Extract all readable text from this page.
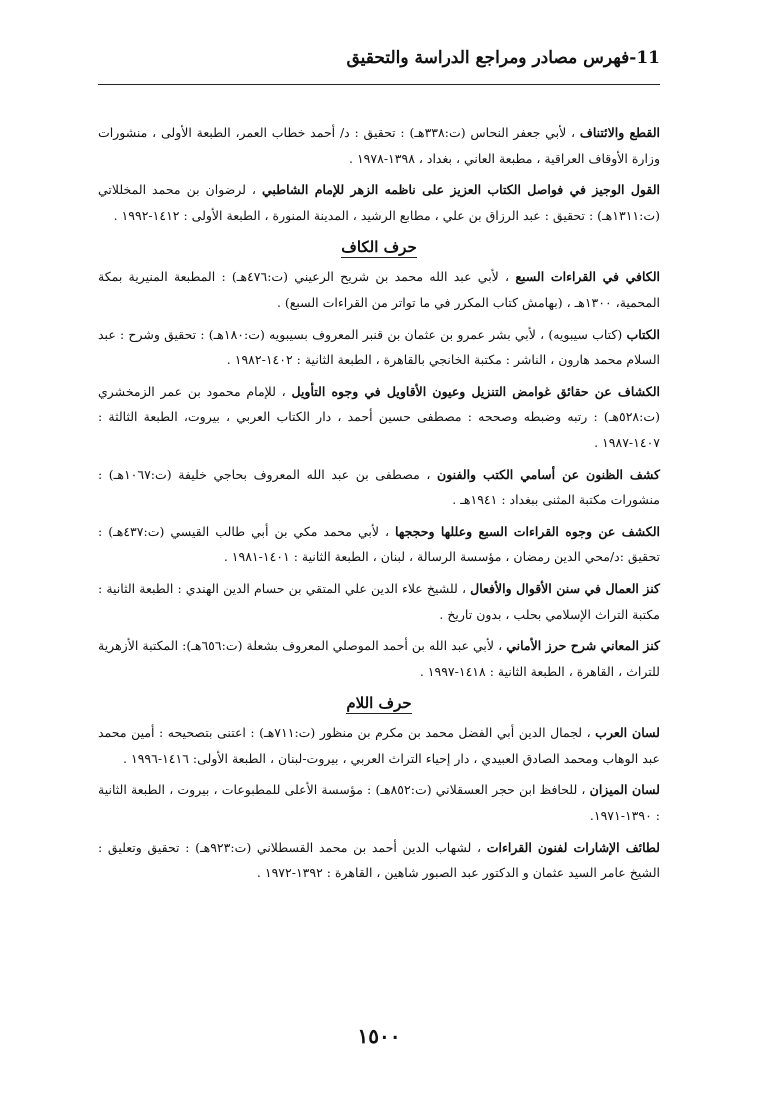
11-فهرس مصادر ومراجع الدراسة والتحقيق

القطع والائتناف ، لأبي جعفر النحاس (ت:٣٣٨هـ) : تحقيق : د/ أحمد خطاب العمر، الطبعة الأولى ، منشورات وزارة الأوقاف العراقية ، مطبعة العاني ، بغداد ، ١٣٩٨-١٩٧٨ .

القول الوجيز في فواصل الكتاب العزيز على ناظمه الزهر للإمام الشاطبي ، لرضوان بن محمد المخللاتي (ت:١٣١١هـ) : تحقيق : عبد الرزاق بن علي ، مطابع الرشيد ، المدينة المنورة ، الطبعة الأولى : ١٤١٢-١٩٩٢ .

حرف الكاف

الكافي في القراءات السبع ، لأبي عبد الله محمد بن شريح الرعيني (ت:٤٧٦هـ) : المطبعة المنيرية بمكة المحمية، ١٣٠٠هـ ، (بهامش كتاب المكرر في ما تواتر من القراءات السبع) .

الكتاب (كتاب سيبويه) ، لأبي بشر عمرو بن عثمان بن قنبر المعروف بسيبويه (ت:١٨٠هـ) : تحقيق وشرح : عبد السلام محمد هارون ، الناشر : مكتبة الخانجي بالقاهرة ، الطبعة الثانية : ١٤٠٢-١٩٨٢ .

الكشاف عن حقائق غوامض التنزيل وعيون الأقاويل في وجوه التأويل ، للإمام محمود بن عمر الزمخشري (ت:٥٢٨هـ) : رتبه وضبطه وصححه : مصطفى حسين أحمد ، دار الكتاب العربي ، بيروت، الطبعة الثالثة : ١٤٠٧-١٩٨٧ .

كشف الظنون عن أسامي الكتب والفنون ، مصطفى بن عبد الله المعروف بحاجي خليفة (ت:١٠٦٧هـ) : منشورات مكتبة المثنى ببغداد : ١٩٤١هـ .

الكشف عن وجوه القراءات السبع وعللها وحججها ، لأبي محمد مكي بن أبي طالب القيسي (ت:٤٣٧هـ) : تحقيق :د/محي الدين رمضان ، مؤسسة الرسالة ، لبنان ، الطبعة الثانية : ١٤٠١-١٩٨١ .

كنز العمال في سنن الأقوال والأفعال ، للشيخ علاء الدين علي المتقي بن حسام الدين الهندي : الطبعة الثانية : مكتبة التراث الإسلامي بحلب ، بدون تاريخ .

كنز المعاني شرح حرز الأماني ، لأبي عبد الله بن أحمد الموصلي المعروف بشعلة (ت:٦٥٦هـ): المكتبة الأزهرية للتراث ، القاهرة ، الطبعة الثانية : ١٤١٨-١٩٩٧ .

حرف اللام

لسان العرب ، لجمال الدين أبي الفضل محمد بن مكرم بن منظور (ت:٧١١هـ) : اعتنى بتصحيحه : أمين محمد عبد الوهاب ومحمد الصادق العبيدي ، دار إحياء التراث العربي ، بيروت-لبنان ، الطبعة الأولى: ١٤١٦-١٩٩٦ .

لسان الميزان ، للحافظ ابن حجر العسقلاني (ت:٨٥٢هـ) : مؤسسة الأعلى للمطبوعات ، بيروت ، الطبعة الثانية : ١٣٩٠-١٩٧١.

لطائف الإشارات لفنون القراءات ، لشهاب الدين أحمد بن محمد القسطلاني (ت:٩٢٣هـ) : تحقيق وتعليق : الشيخ عامر السيد عثمان و الدكتور عبد الصبور شاهين ، القاهرة : ١٣٩٢-١٩٧٢ .

١٥٠٠
